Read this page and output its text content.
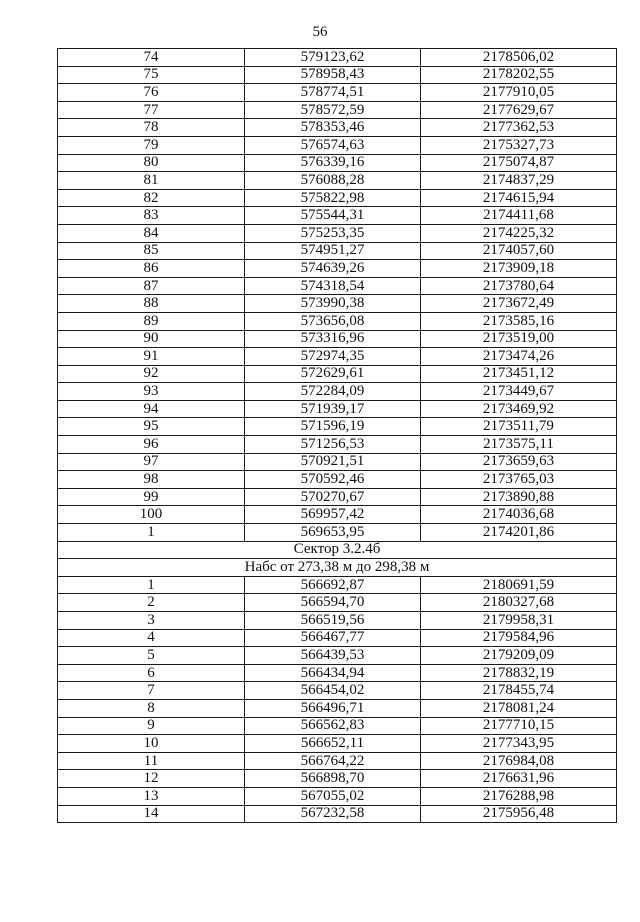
56
74	579123,62	2178506,02
75	578958,43	2178202,55
76	578774,51	2177910,05
77	578572,59	2177629,67
78	578353,46	2177362,53
79	576574,63	2175327,73
80	576339,16	2175074,87
81	576088,28	2174837,29
82	575822,98	2174615,94
83	575544,31	2174411,68
84	575253,35	2174225,32
85	574951,27	2174057,60
86	574639,26	2173909,18
87	574318,54	2173780,64
88	573990,38	2173672,49
89	573656,08	2173585,16
90	573316,96	2173519,00
91	572974,35	2173474,26
92	572629,61	2173451,12
93	572284,09	2173449,67
94	571939,17	2173469,92
95	571596,19	2173511,79
96	571256,53	2173575,11
97	570921,51	2173659,63
98	570592,46	2173765,03
99	570270,67	2173890,88
100	569957,42	2174036,68
1	569653,95	2174201,86
Сектор 3.2.4б		
Набс от 273,38 м до 298,38 м		
1	566692,87	2180691,59
2	566594,70	2180327,68
3	566519,56	2179958,31
4	566467,77	2179584,96
5	566439,53	2179209,09
6	566434,94	2178832,19
7	566454,02	2178455,74
8	566496,71	2178081,24
9	566562,83	2177710,15
10	566652,11	2177343,95
11	566764,22	2176984,08
12	566898,70	2176631,96
13	567055,02	2176288,98
14	567232,58	2175956,48
